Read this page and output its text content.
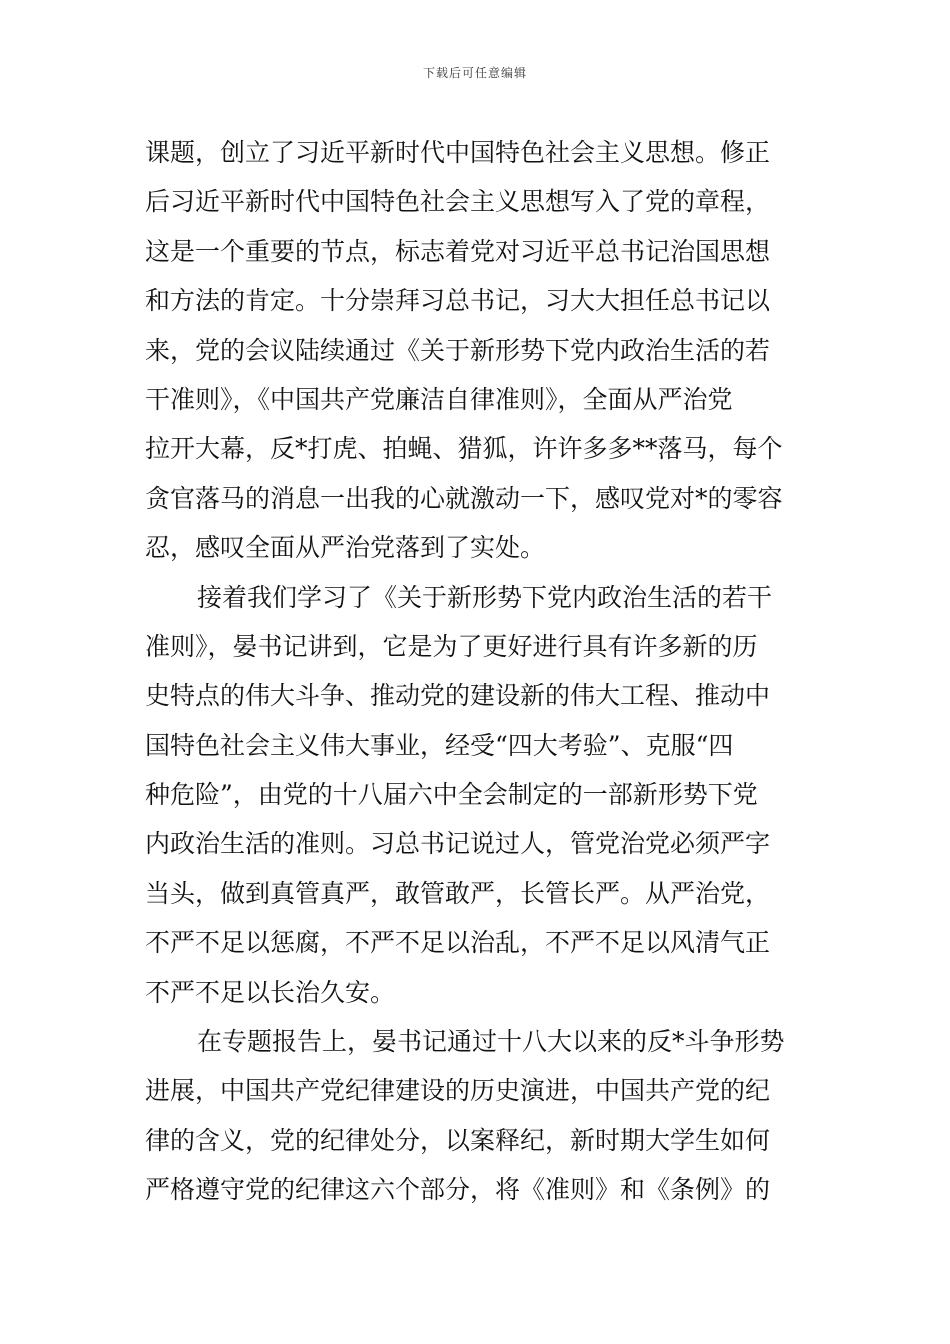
下载后可任意编辑
课题，创立了习近平新时代中国特色社会主义思想。修正
后习近平新时代中国特色社会主义思想写入了党的章程，
这是一个重要的节点，标志着党对习近平总书记治国思想
和方法的肯定。十分崇拜习总书记，习大大担任总书记以
来，党的会议陆续通过《关于新形势下党内政治生活的若
干准则》，《中国共产党廉洁自律准则》，全面从严治党
拉开大幕，反*打虎、拍蝇、猎狐，许许多多**落马，每个
贪官落马的消息一出我的心就激动一下，感叹党对*的零容
忍，感叹全面从严治党落到了实处。
接着我们学习了《关于新形势下党内政治生活的若干
准则》，晏书记讲到，它是为了更好进行具有许多新的历
史特点的伟大斗争、推动党的建设新的伟大工程、推动中
国特色社会主义伟大事业，经受“四大考验”、克服“四
种危险”，由党的十八届六中全会制定的一部新形势下党
内政治生活的准则。习总书记说过人，管党治党必须严字
当头，做到真管真严，敢管敢严，长管长严。从严治党，
不严不足以惩腐，不严不足以治乱，不严不足以风清气正
不严不足以长治久安。
在专题报告上，晏书记通过十八大以来的反*斗争形势
进展，中国共产党纪律建设的历史演进，中国共产党的纪
律的含义，党的纪律处分，以案释纪，新时期大学生如何
严格遵守党的纪律这六个部分，将《准则》和《条例》的
